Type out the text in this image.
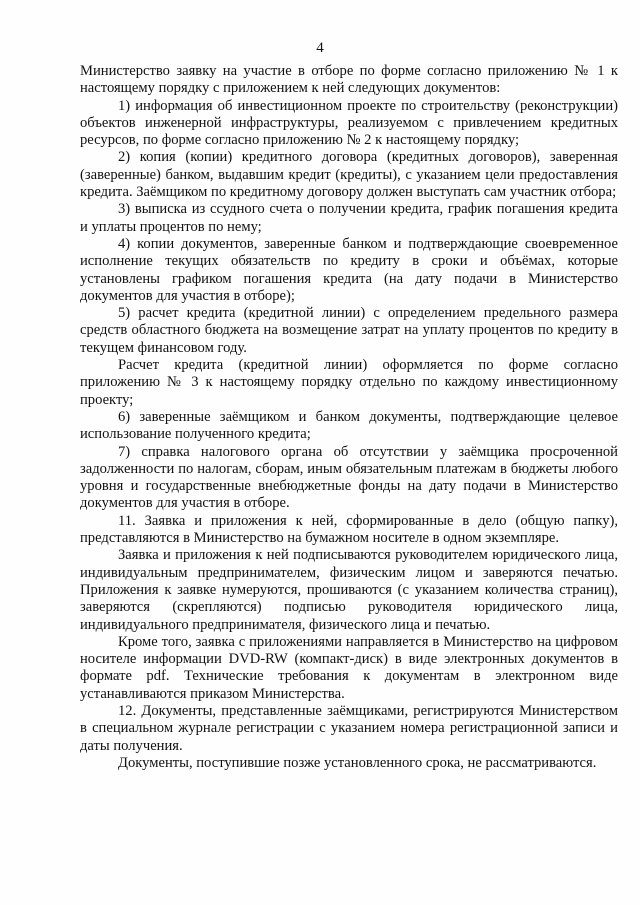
4

Министерство заявку на участие в отборе по форме согласно приложению № 1 к настоящему порядку с приложением к ней следующих документов:

1) информация об инвестиционном проекте по строительству (реконструкции) объектов инженерной инфраструктуры, реализуемом с привлечением кредитных ресурсов, по форме согласно приложению № 2 к настоящему порядку;

2) копия (копии) кредитного договора (кредитных договоров), заверенная (заверенные) банком, выдавшим кредит (кредиты), с указанием цели предоставления кредита. Заёмщиком по кредитному договору должен выступать сам участник отбора;

3) выписка из ссудного счета о получении кредита, график погашения кредита и уплаты процентов по нему;

4) копии документов, заверенные банком и подтверждающие своевременное исполнение текущих обязательств по кредиту в сроки и объёмах, которые установлены графиком погашения кредита (на дату подачи в Министерство документов для участия в отборе);

5) расчет кредита (кредитной линии) с определением предельного размера средств областного бюджета на возмещение затрат на уплату процентов по кредиту в текущем финансовом году.

Расчет кредита (кредитной линии) оформляется по форме согласно приложению № 3 к настоящему порядку отдельно по каждому инвестиционному проекту;

6) заверенные заёмщиком и банком документы, подтверждающие целевое использование полученного кредита;

7) справка налогового органа об отсутствии у заёмщика просроченной задолженности по налогам, сборам, иным обязательным платежам в бюджеты любого уровня и государственные внебюджетные фонды на дату подачи в Министерство документов для участия в отборе.

11. Заявка и приложения к ней, сформированные в дело (общую папку), представляются в Министерство на бумажном носителе в одном экземпляре.

Заявка и приложения к ней подписываются руководителем юридического лица, индивидуальным предпринимателем, физическим лицом и заверяются печатью. Приложения к заявке нумеруются, прошиваются (с указанием количества страниц), заверяются (скрепляются) подписью руководителя юридического лица, индивидуального предпринимателя, физического лица и печатью.

Кроме того, заявка с приложениями направляется в Министерство на цифровом носителе информации DVD-RW (компакт-диск) в виде электронных документов в формате pdf. Технические требования к документам в электронном виде устанавливаются приказом Министерства.

12. Документы, представленные заёмщиками, регистрируются Министерством в специальном журнале регистрации с указанием номера регистрационной записи и даты получения.

Документы, поступившие позже установленного срока, не рассматриваются.
